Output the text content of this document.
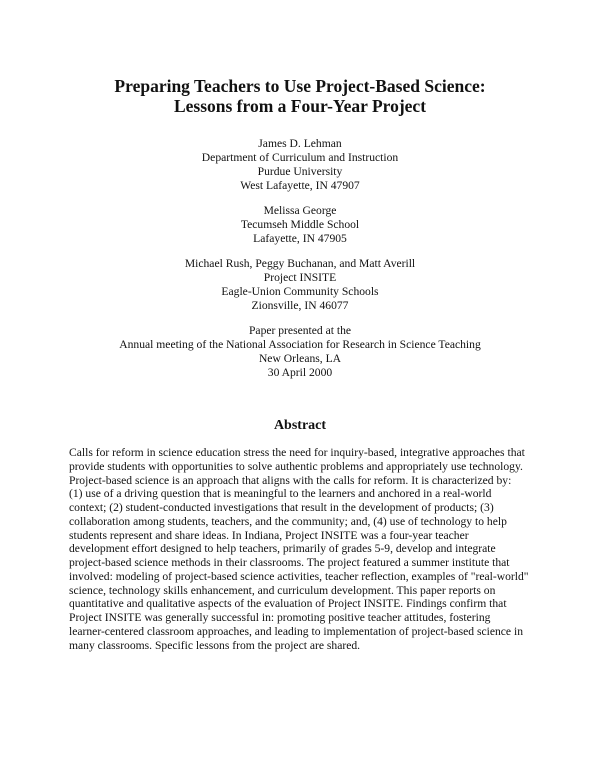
Preparing Teachers to Use Project-Based Science:
Lessons from a Four-Year Project
James D. Lehman
Department of Curriculum and Instruction
Purdue University
West Lafayette, IN 47907
Melissa George
Tecumseh Middle School
Lafayette, IN 47905
Michael Rush, Peggy Buchanan, and Matt Averill
Project INSITE
Eagle-Union Community Schools
Zionsville, IN 46077
Paper presented at the
Annual meeting of the National Association for Research in Science Teaching
New Orleans, LA
30 April 2000
Abstract
Calls for reform in science education stress the need for inquiry-based, integrative approaches that
provide students with opportunities to solve authentic problems and appropriately use technology.
Project-based science is an approach that aligns with the calls for reform. It is characterized by:
(1) use of a driving question that is meaningful to the learners and anchored in a real-world
context; (2) student-conducted investigations that result in the development of products; (3)
collaboration among students, teachers, and the community; and, (4) use of technology to help
students represent and share ideas. In Indiana, Project INSITE was a four-year teacher
development effort designed to help teachers, primarily of grades 5-9, develop and integrate
project-based science methods in their classrooms. The project featured a summer institute that
involved: modeling of project-based science activities, teacher reflection, examples of "real-world"
science, technology skills enhancement, and curriculum development. This paper reports on
quantitative and qualitative aspects of the evaluation of Project INSITE. Findings confirm that
Project INSITE was generally successful in: promoting positive teacher attitudes, fostering
learner-centered classroom approaches, and leading to implementation of project-based science in
many classrooms. Specific lessons from the project are shared.
